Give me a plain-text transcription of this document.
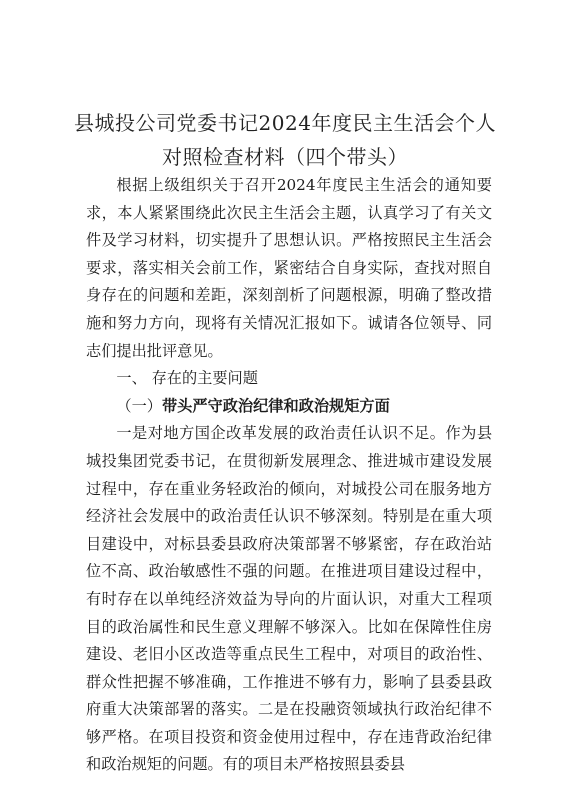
县城投公司党委书记2024年度民主生活会个人对照检查材料（四个带头）

根据上级组织关于召开2024年度民主生活会的通知要求，本人紧紧围绕此次民主生活会主题，认真学习了有关文件及学习材料，切实提升了思想认识。严格按照民主生活会要求，落实相关会前工作，紧密结合自身实际，查找对照自身存在的问题和差距，深刻剖析了问题根源，明确了整改措施和努力方向，现将有关情况汇报如下。诚请各位领导、同志们提出批评意见。

一、 存在的主要问题

（一）带头严守政治纪律和政治规矩方面

一是对地方国企改革发展的政治责任认识不足。作为县城投集团党委书记，在贯彻新发展理念、推进城市建设发展过程中，存在重业务轻政治的倾向，对城投公司在服务地方经济社会发展中的政治责任认识不够深刻。特别是在重大项目建设中，对标县委县政府决策部署不够紧密，存在政治站位不高、政治敏感性不强的问题。在推进项目建设过程中，有时存在以单纯经济效益为导向的片面认识，对重大工程项目的政治属性和民生意义理解不够深入。比如在保障性住房建设、老旧小区改造等重点民生工程中，对项目的政治性、群众性把握不够准确，工作推进不够有力，影响了县委县政府重大决策部署的落实。二是在投融资领域执行政治纪律不够严格。在项目投资和资金使用过程中，存在违背政治纪律和政治规矩的问题。有的项目未严格按照县委县
